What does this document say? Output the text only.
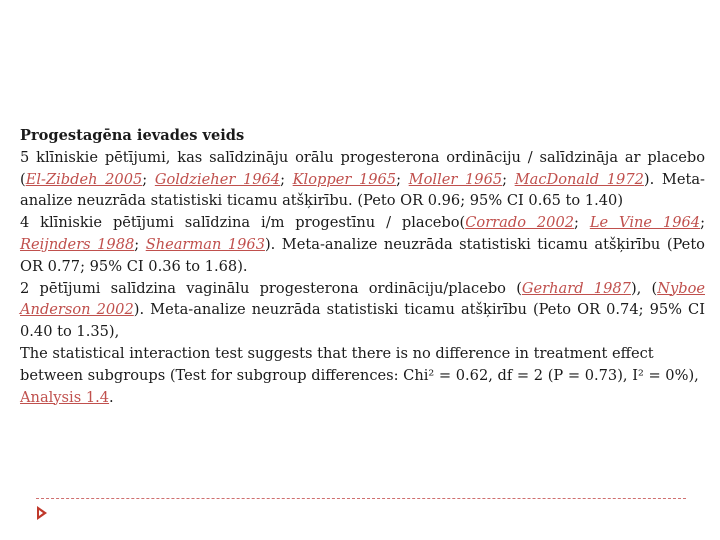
Progestagēna ievades veids
5 klīniskie pētījumi, kas salīdzināju orālu progesterona ordināciju / salīdzināja ar placebo (El-Zibdeh 2005; Goldzieher 1964; Klopper 1965; Moller 1965; MacDonald 1972). Meta-analize neuzrāda statistiski ticamu atšķirību. (Peto OR 0.96; 95% CI 0.65 to 1.40)
4 klīniskie pētījumi salīdzina i/m progestīnu / placebo(Corrado 2002; Le Vine 1964; Reijnders 1988; Shearman 1963). Meta-analize neuzrāda statistiski ticamu atšķirību (Peto OR 0.77; 95% CI 0.36 to 1.68).
2 pētījumi salīdzina vaginālu progesterona ordināciju/placebo (Gerhard 1987), (Nyboe Anderson 2002). Meta-analize neuzrāda statistiski ticamu atšķirību (Peto OR 0.74; 95% CI 0.40 to 1.35),
The statistical interaction test suggests that there is no difference in treatment effect between subgroups (Test for subgroup differences: Chi² = 0.62, df = 2 (P = 0.73), I² = 0%), Analysis 1.4.
